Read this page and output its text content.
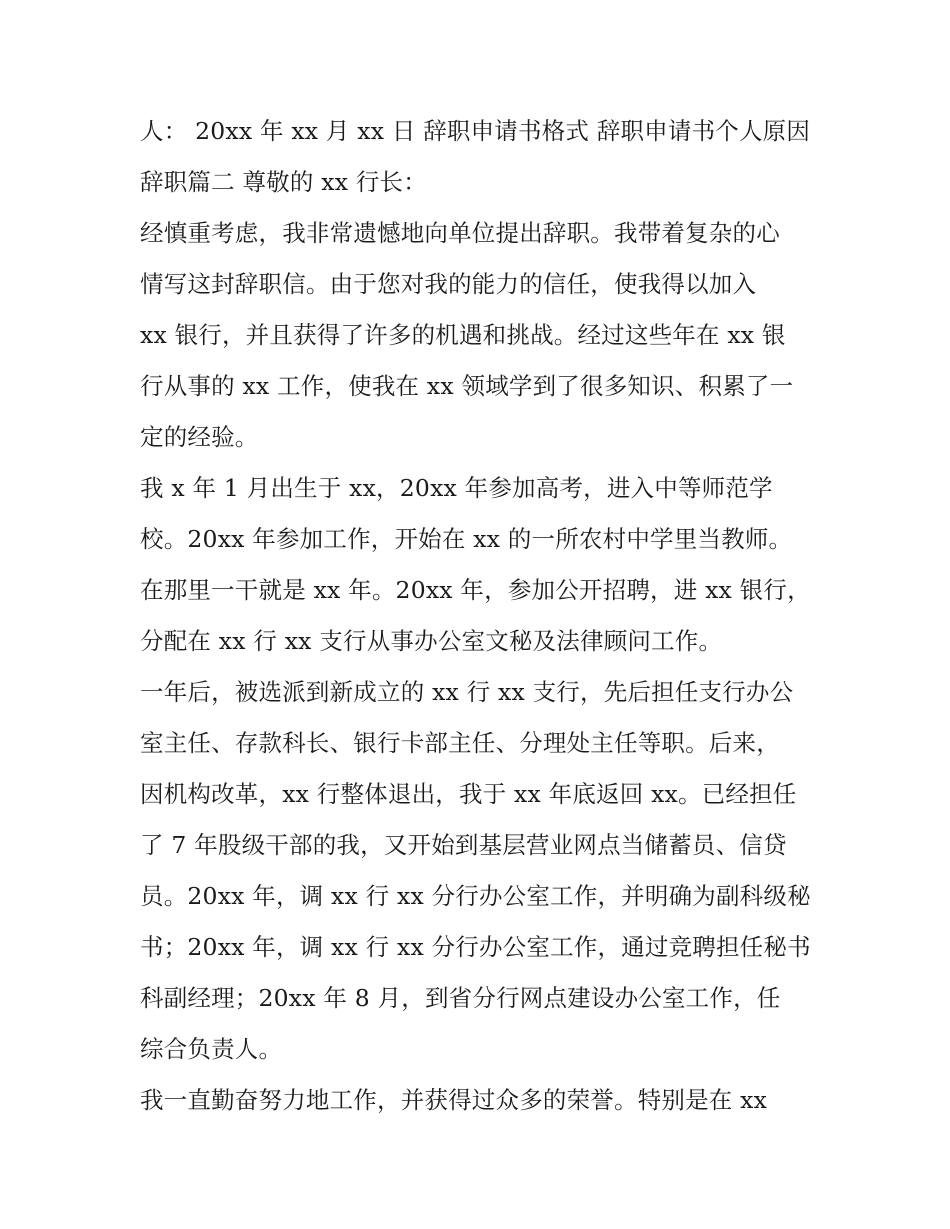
人： 20xx 年 xx 月 xx 日 辞职申请书格式 辞职申请书个人原因
辞职篇二 尊敬的 xx 行长：
经慎重考虑，我非常遗憾地向单位提出辞职。我带着复杂的心
情写这封辞职信。由于您对我的能力的信任，使我得以加入
xx 银行，并且获得了许多的机遇和挑战。经过这些年在 xx 银
行从事的 xx 工作，使我在 xx 领域学到了很多知识、积累了一
定的经验。
我 x 年 1 月出生于 xx，20xx 年参加高考，进入中等师范学
校。20xx 年参加工作，开始在 xx 的一所农村中学里当教师。
在那里一干就是 xx 年。20xx 年，参加公开招聘，进 xx 银行，
分配在 xx 行 xx 支行从事办公室文秘及法律顾问工作。
一年后，被选派到新成立的 xx 行 xx 支行，先后担任支行办公
室主任、存款科长、银行卡部主任、分理处主任等职。后来，
因机构改革，xx 行整体退出，我于 xx 年底返回 xx。已经担任
了 7 年股级干部的我，又开始到基层营业网点当储蓄员、信贷
员。20xx 年，调 xx 行 xx 分行办公室工作，并明确为副科级秘
书；20xx 年，调 xx 行 xx 分行办公室工作，通过竞聘担任秘书
科副经理；20xx 年 8 月，到省分行网点建设办公室工作，任
综合负责人。
我一直勤奋努力地工作，并获得过众多的荣誉。特别是在 xx
